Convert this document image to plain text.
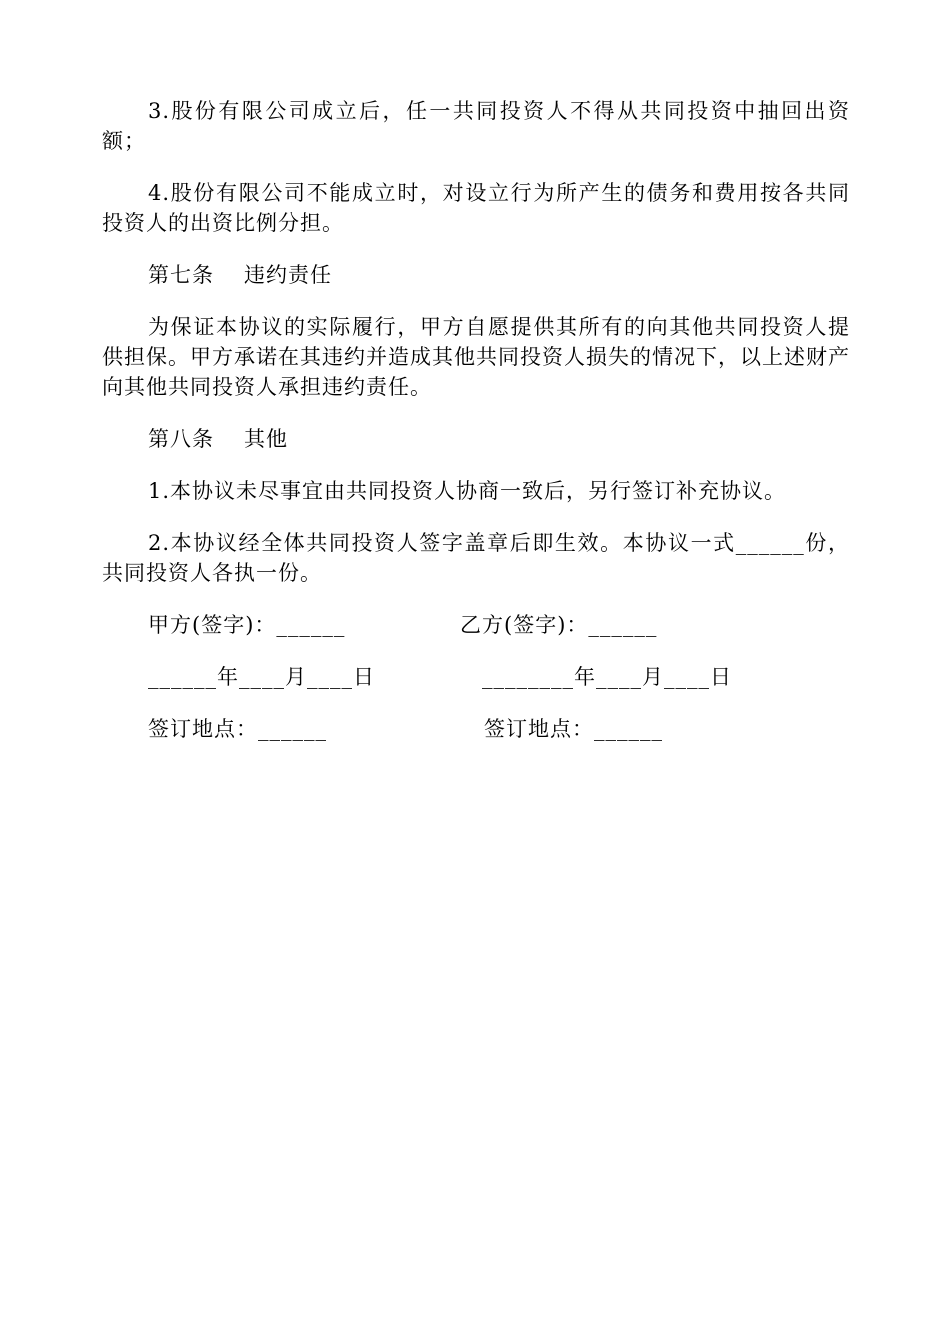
3.股份有限公司成立后，任一共同投资人不得从共同投资中抽回出资额；

4.股份有限公司不能成立时，对设立行为所产生的债务和费用按各共同投资人的出资比例分担。

第七条 违约责任

为保证本协议的实际履行，甲方自愿提供其所有的向其他共同投资人提供担保。甲方承诺在其违约并造成其他共同投资人损失的情况下，以上述财产向其他共同投资人承担违约责任。

第八条 其他

1.本协议未尽事宜由共同投资人协商一致后，另行签订补充协议。

2.本协议经全体共同投资人签字盖章后即生效。本协议一式______份，共同投资人各执一份。

甲方(签字)：______	乙方(签字)：______
______年____月____日	________年____月____日
签订地点：______	签订地点：______
